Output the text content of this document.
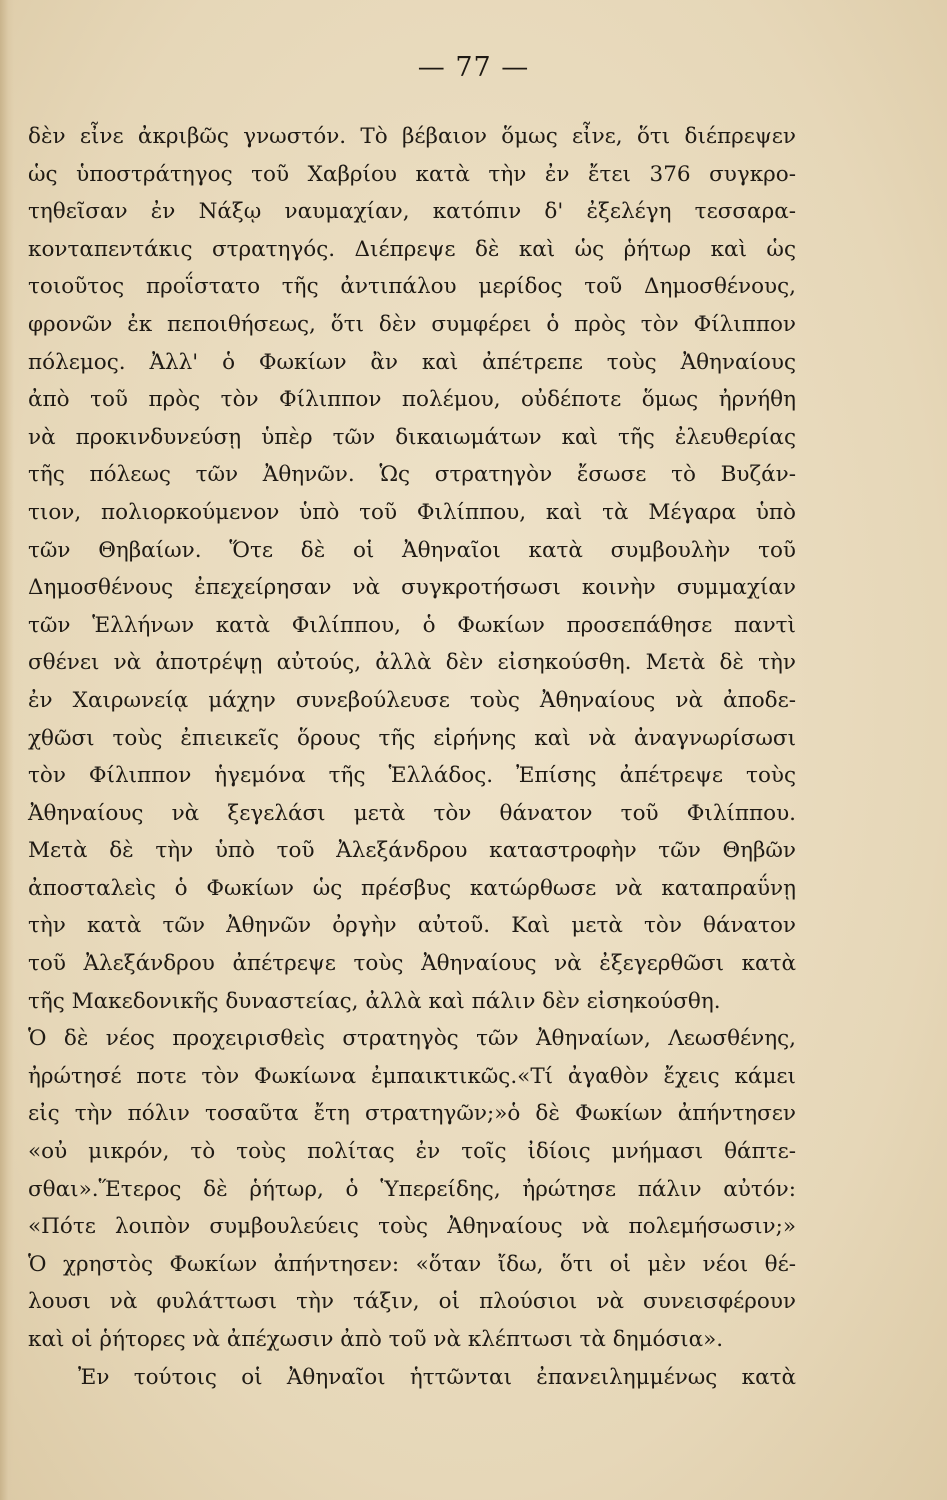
— 77 —
δὲν εἶνε ἀκριβῶς γνωστόν. Τὸ βέβαιον ὅμως εἶνε, ὅτι διέπρεψεν
ὡς ὑποστράτηγος τοῦ Χαβρίου κατὰ τὴν ἐν ἔτει 376 συγκρο-
τηθεῖσαν ἐν Νάξῳ ναυμαχίαν, κατόπιν δ' ἐξελέγη τεσσαρα-
κονταπεντάκις στρατηγός. Διέπρεψε δὲ καὶ ὡς ῥήτωρ καὶ ὡς
τοιοῦτος προΐστατο τῆς ἀντιπάλου μερίδος τοῦ Δημοσθένους,
φρονῶν ἐκ πεποιθήσεως, ὅτι δὲν συμφέρει ὁ πρὸς τὸν Φίλιππον
πόλεμος. Ἀλλ' ὁ Φωκίων ἂν καὶ ἀπέτρεπε τοὺς Ἀθηναίους
ἀπὸ τοῦ πρὸς τὸν Φίλιππον πολέμου, οὐδέποτε ὅμως ἠρνήθη
νὰ προκινδυνεύσῃ ὑπὲρ τῶν δικαιωμάτων καὶ τῆς ἐλευθερίας
τῆς πόλεως τῶν Ἀθηνῶν. Ὡς στρατηγὸν ἔσωσε τὸ Βυζάν-
τιον, πολιορκούμενον ὑπὸ τοῦ Φιλίππου, καὶ τὰ Μέγαρα ὑπὸ
τῶν Θηβαίων. Ὅτε δὲ οἱ Ἀθηναῖοι κατὰ συμβουλὴν τοῦ
Δημοσθένους ἐπεχείρησαν νὰ συγκροτήσωσι κοινὴν συμμαχίαν
τῶν Ἑλλήνων κατὰ Φιλίππου, ὁ Φωκίων προσεπάθησε παντὶ
σθένει νὰ ἀποτρέψῃ αὐτούς, ἀλλὰ δὲν εἰσηκούσθη. Μετὰ δὲ τὴν
ἐν Χαιρωνείᾳ μάχην συνεβούλευσε τοὺς Ἀθηναίους νὰ ἀποδε-
χθῶσι τοὺς ἐπιεικεῖς ὅρους τῆς εἰρήνης καὶ νὰ ἀναγνωρίσωσι
τὸν Φίλιππον ἡγεμόνα τῆς Ἑλλάδος. Ἐπίσης ἀπέτρεψε τοὺς
Ἀθηναίους νὰ ξεγελάσι μετὰ τὸν θάνατον τοῦ Φιλίππου.
Μετὰ δὲ τὴν ὑπὸ τοῦ Ἀλεξάνδρου καταστροφὴν τῶν Θηβῶν
ἀποσταλεὶς ὁ Φωκίων ὡς πρέσβυς κατώρθωσε νὰ καταπραΰνῃ
τὴν κατὰ τῶν Ἀθηνῶν ὀργὴν αὐτοῦ. Καὶ μετὰ τὸν θάνατον
τοῦ Ἀλεξάνδρου ἀπέτρεψε τοὺς Ἀθηναίους νὰ ἐξεγερθῶσι κατὰ
τῆς Μακεδονικῆς δυναστείας, ἀλλὰ καὶ πάλιν δὲν εἰσηκούσθη.
Ὁ δὲ νέος προχειρισθεὶς στρατηγὸς τῶν Ἀθηναίων, Λεωσθένης,
ἠρώτησέ ποτε τὸν Φωκίωνα ἐμπαικτικῶς.«Τί ἀγαθὸν ἔχεις κάμει
εἰς τὴν πόλιν τοσαῦτα ἔτη στρατηγῶν;»ὁ δὲ Φωκίων ἀπήντησεν
«οὐ μικρόν, τὸ τοὺς πολίτας ἐν τοῖς ἰδίοις μνήμασι θάπτε-
σθαι».Ἕτερος δὲ ῥήτωρ, ὁ Ὑπερείδης, ἠρώτησε πάλιν αὐτόν:
«Πότε λοιπὸν συμβουλεύεις τοὺς Ἀθηναίους νὰ πολεμήσωσιν;»
Ὁ χρηστὸς Φωκίων ἀπήντησεν: «ὅταν ἴδω, ὅτι οἱ μὲν νέοι θέ-
λουσι νὰ φυλάττωσι τὴν τάξιν, οἱ πλούσιοι νὰ συνεισφέρουν
καὶ οἱ ῥήτορες νὰ ἀπέχωσιν ἀπὸ τοῦ νὰ κλέπτωσι τὰ δημόσια».
Ἐν τούτοις οἱ Ἀθηναῖοι ἡττῶνται ἐπανειλημμένως κατὰ
